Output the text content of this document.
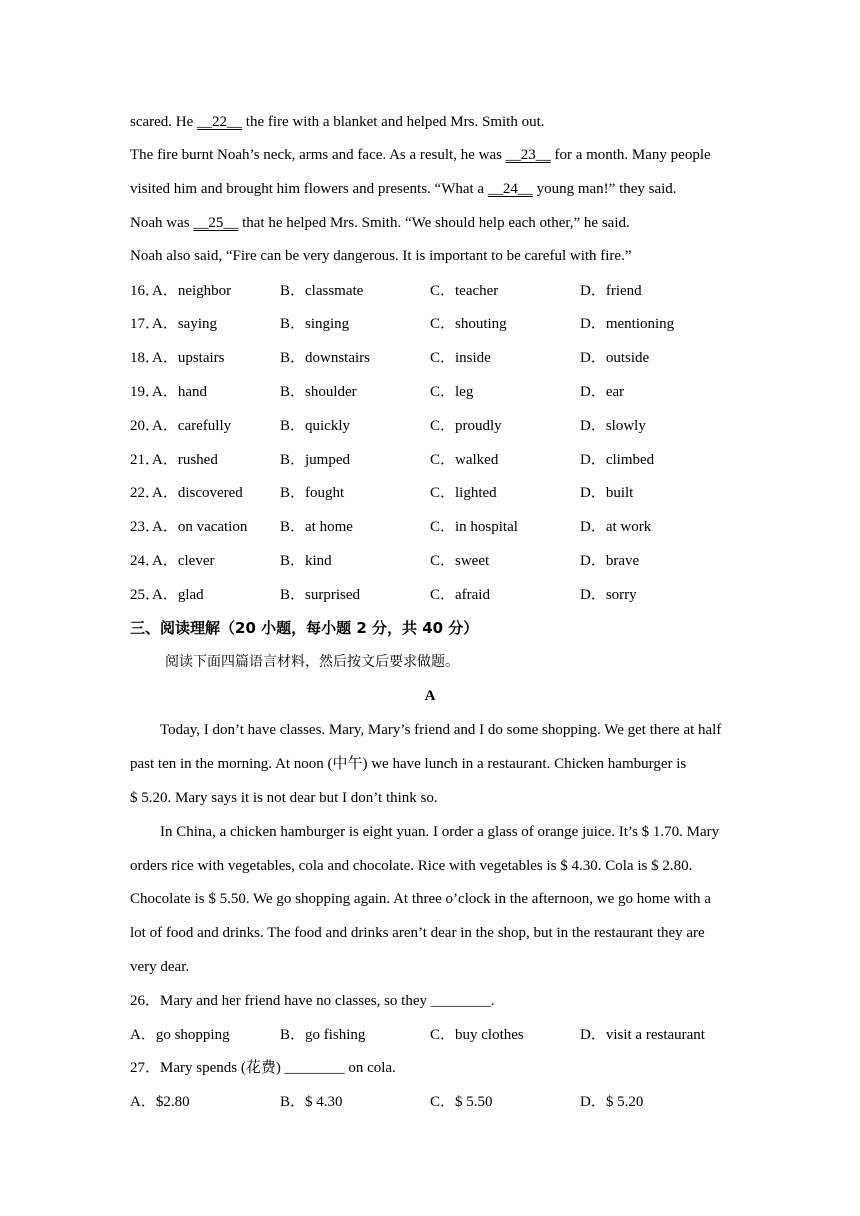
scared. He __22__ the fire with a blanket and helped Mrs. Smith out.
The fire burnt Noah’s neck, arms and face. As a result, he was __23__ for a month. Many people
visited him and brought him flowers and presents. “What a __24__ young man!” they said.
Noah was __25__ that he helped Mrs. Smith. “We should help each other,” he said.
Noah also said, “Fire can be very dangerous. It is important to be careful with fire.”
16．
A．neighbor	B．classmate	C．teacher	D．friend
17．
A．saying	B．singing	C．shouting	D．mentioning
18．
A．upstairs	B．downstairs	C．inside	D．outside
19．
A．hand	B．shoulder	C．leg	D．ear
20．
A．carefully	B．quickly	C．proudly	D．slowly
21．
A．rushed	B．jumped	C．walked	D．climbed
22．
A．discovered B．fought	C．lighted	D．built
23．
A．on vacation B．at home	C．in hospital	D．at work
24．
A．clever	B．kind	C．sweet	D．brave
25．
A．glad	B．surprised	C．afraid	D．sorry
三、阅读理解（20 小题，每小题 2 分，共 40 分）
阅读下面四篇语言材料，然后按文后要求做题。
A
Today, I don’t have classes. Mary, Mary’s friend and I do some shopping. We get there at half
past ten in the morning. At noon (中午) we have lunch in a restaurant. Chicken hamburger is
$ 5.20. Mary says it is not dear but I don’t think so.
In China, a chicken hamburger is eight yuan. I order a glass of orange juice. It’s $ 1.70. Mary
orders rice with vegetables, cola and chocolate. Rice with vegetables is $ 4.30. Cola is $ 2.80.
Chocolate is $ 5.50. We go shopping again. At three o’clock in the afternoon, we go home with a
lot of food and drinks. The food and drinks aren’t dear in the shop, but in the restaurant they are
very dear.
26．Mary and her friend have no classes, so they ________.
A．go shopping	B．go fishing	C．buy clothes	D．visit a restaurant
27．Mary spends (花费) ________ on cola.
A．$2.80	B．$ 4.30	C．$ 5.50	D．$ 5.20
